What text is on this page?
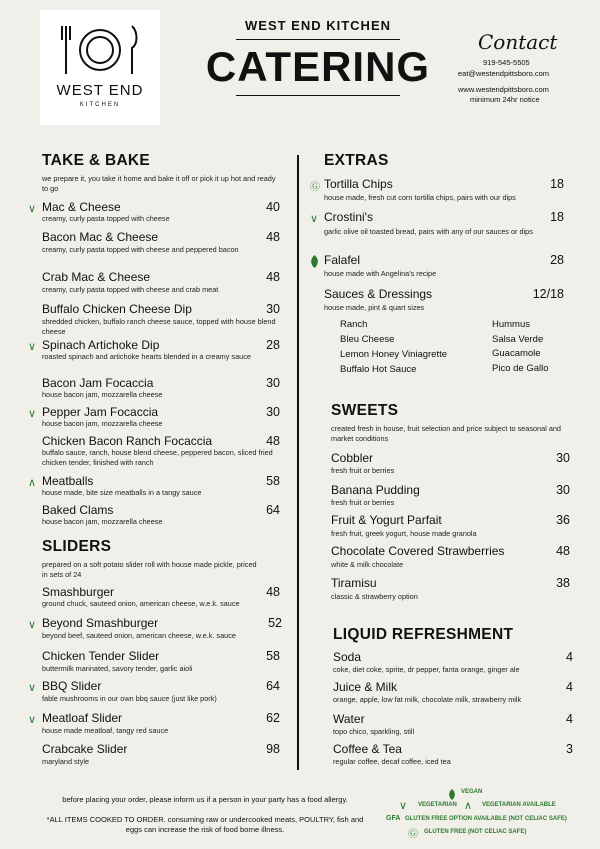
WEST END
KITCHEN
WEST END KITCHEN
CATERING
Contact
919-545-5505
eat@westendpittsboro.com
www.westendpittsboro.com
minimum 24hr notice
TAKE & BAKE
we prepare it, you take it home and bake it off or pick it up hot and ready to go
∨ Mac & Cheese	40
creamy, curly pasta topped with cheese
Bacon Mac & Cheese	48
creamy, curly pasta topped with cheese and peppered bacon
Crab Mac & Cheese	48
creamy, curly pasta topped with cheese and crab meat
Buffalo Chicken Cheese Dip	30
shredded chicken, buffalo ranch cheese sauce, topped with house blend cheese
∨ Spinach Artichoke Dip	28
roasted spinach and artichoke hearts blended in a creamy sauce
Bacon Jam Focaccia	30
house bacon jam, mozzarella cheese
∨ Pepper Jam Focaccia	30
house bacon jam, mozzarella cheese
Chicken Bacon Ranch Focaccia	48
buffalo sauce, ranch, house blend cheese, peppered bacon, sliced fried chicken tender, finished with ranch
∧ Meatballs	58
house made, bite size meatballs in a tangy sauce
Baked Clams	64
house bacon jam, mozzarella cheese
SLIDERS
prepared on a soft potato slider roll with house made pickle, priced in sets of 24
Smashburger	48
ground chuck, sauteed onion, american cheese, w.e.k. sauce
∨ Beyond Smashburger	52
beyond beef, sauteed onion, american cheese, w.e.k. sauce
Chicken Tender Slider	58
buttermilk marinated, savory tender, garlic aioli
∨ BBQ Slider	64
fable mushrooms in our own bbq sauce (just like pork)
∨ Meatloaf Slider	62
house made meatloaf, tangy red sauce
Crabcake Slider	98
maryland style
EXTRAS
Ⓖ Tortilla Chips	18
house made, fresh cut corn tortilla chips, pairs with our dips
∨ Crostini's	18
garlic olive oil toasted bread, pairs with any of our sauces or dips
Falafel	28
house made with Angelina's recipe
Sauces & Dressings	12/18
house made, pint & quart sizes
Ranch
Bleu Cheese
Lemon Honey Viniagrette
Buffalo Hot Sauce
Hummus
Salsa Verde
Guacamole
Pico de Gallo
SWEETS
created fresh in house, fruit selection and price subject to seasonal and market conditions
Cobbler	30
fresh fruit or berries
Banana Pudding	30
fresh fruit or berries
Fruit & Yogurt Parfait	36
fresh fruit, greek yogurt, house made granola
Chocolate Covered Strawberries	48
white & milk chocolate
Tiramisu	38
classic & strawberry option
LIQUID REFRESHMENT
Soda	4
coke, diet coke, sprite, dr pepper, fanta orange, ginger ale
Juice & Milk	4
orange, apple, low fat milk, chocolate milk, strawberry milk
Water	4
topo chico, sparkling, still
Coffee & Tea	3
regular coffee, decaf coffee, iced tea
before placing your order, please inform us if a person in your party has a food allergy.
*ALL ITEMS COOKED TO ORDER. consuming raw or undercooked meats, POULTRY, fish and eggs can increase the risk of food borne illness.
VEGAN
∨ VEGETARIAN ∧ VEGETARIAN AVAILABLE
GFA GLUTEN FREE OPTION AVAILABLE (NOT CELIAC SAFE)
Ⓖ GLUTEN FREE (NOT CELIAC SAFE)
